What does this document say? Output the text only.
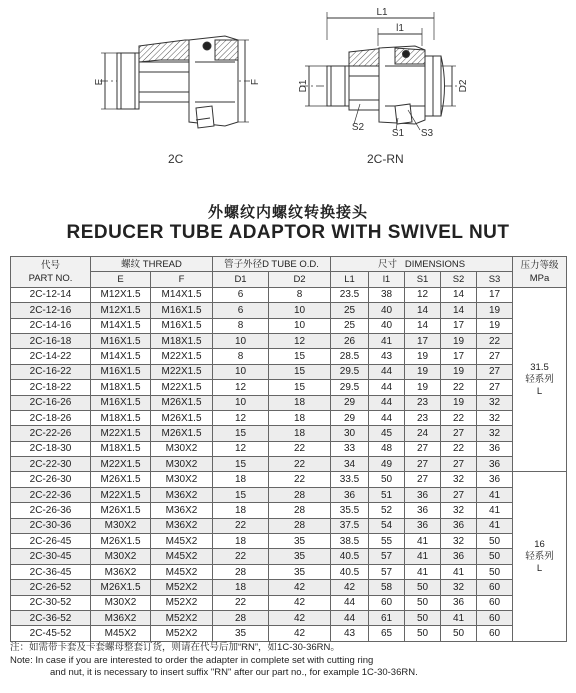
E	F
L1
l1
D1	D2
S1
S2
S3
2C	2C-RN
外螺纹内螺纹转换接头
REDUCER TUBE ADAPTOR WITH SWIVEL NUT
代号
PART NO.	螺纹 THREAD		管子外径D TUBE O.D.		尺寸 DIMENSIONS					压力等级
MPa
	E	F	D1	D2	L1	l1	S1	S2	S3	
2C-12-14	M12X1.5	M14X1.5	6	8	23.5	38	12	14	17	31.5
轻系列
L

2C-12-16	M12X1.5	M16X1.5	6	10	25	40	14	14	19	
2C-14-16	M14X1.5	M16X1.5	8	10	25	40	14	17	19	
2C-16-18	M16X1.5	M18X1.5	10	12	26	41	17	19	22	
2C-14-22	M14X1.5	M22X1.5	8	15	28.5	43	19	17	27	
2C-16-22	M16X1.5	M22X1.5	10	15	29.5	44	19	19	27	
2C-18-22	M18X1.5	M22X1.5	12	15	29.5	44	19	22	27	
2C-16-26	M16X1.5	M26X1.5	10	18	29	44	23	19	32	
2C-18-26	M18X1.5	M26X1.5	12	18	29	44	23	22	32	
2C-22-26	M22X1.5	M26X1.5	15	18	30	45	24	27	32	
2C-18-30	M18X1.5	M30X2	12	22	33	48	27	22	36	
2C-22-30	M22X1.5	M30X2	15	22	34	49	27	27	36	
2C-26-30	M26X1.5	M30X2	18	22	33.5	50	27	32	36	16
轻系列
L

2C-22-36	M22X1.5	M36X2	15	28	36	51	36	27	41	
2C-26-36	M26X1.5	M36X2	18	28	35.5	52	36	32	41	
2C-30-36	M30X2	M36X2	22	28	37.5	54	36	36	41	
2C-26-45	M26X1.5	M45X2	18	35	38.5	55	41	32	50	
2C-30-45	M30X2	M45X2	22	35	40.5	57	41	36	50	
2C-36-45	M36X2	M45X2	28	35	40.5	57	41	41	50	
2C-26-52	M26X1.5	M52X2	18	42	42	58	50	32	60	
2C-30-52	M30X2	M52X2	22	42	44	60	50	36	60	
2C-36-52	M36X2	M52X2	28	42	44	61	50	41	60	
2C-45-52	M45X2	M52X2	35	42	43	65	50	50	60	
注：如需带卡套及卡套螺母整套订货，则请在代号后加“RN”，如1C-30-36RN。
Note: In case if you are interested to order the adapter in complete set with cutting ring
and nut, it is necessary to insert suffix "RN" after our part no., for example 1C-30-36RN.
